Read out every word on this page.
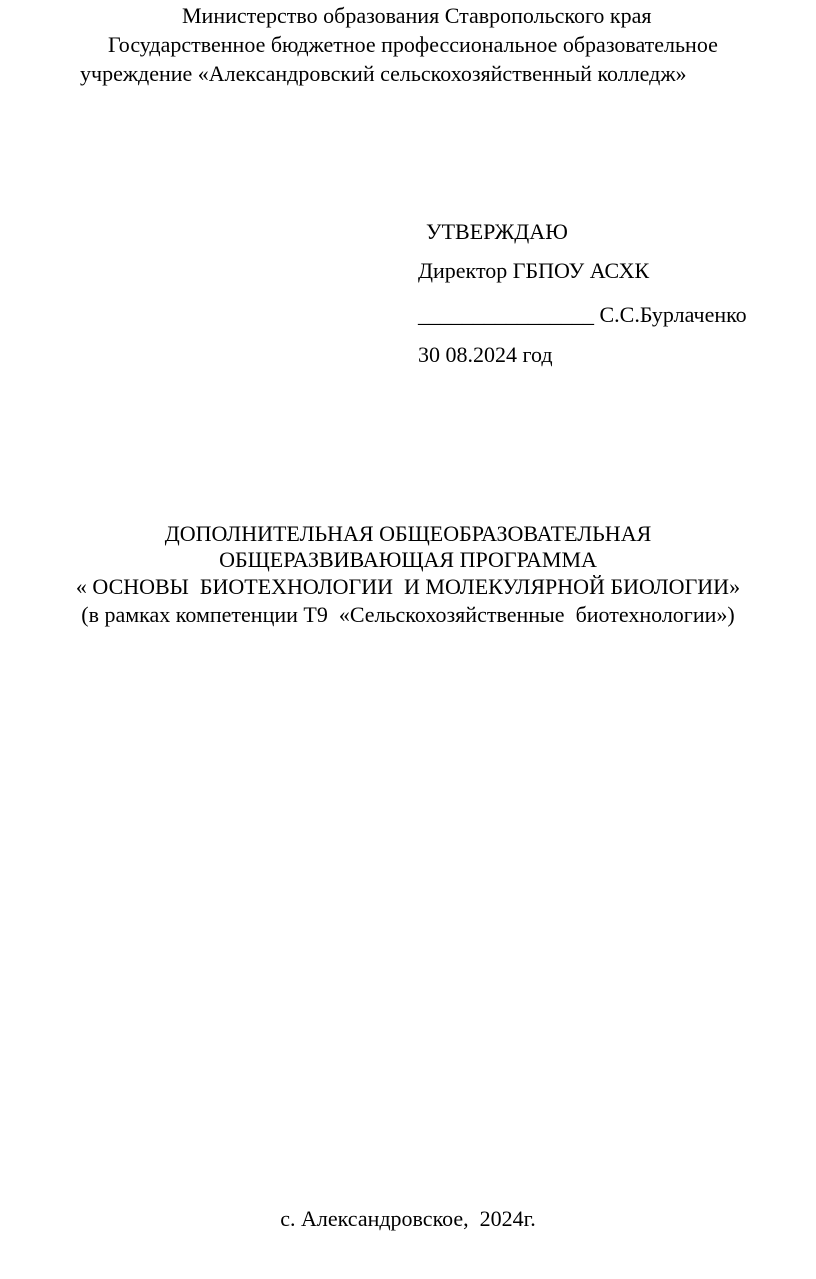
Министерство образования Ставропольского края
Государственное бюджетное профессиональное образовательное
учреждение «Александровский сельскохозяйственный колледж»
УТВЕРЖДАЮ
Директор ГБПОУ АСХК
________________ С.С.Бурлаченко
30 08.2024 год
ДОПОЛНИТЕЛЬНАЯ ОБЩЕОБРАЗОВАТЕЛЬНАЯ
ОБЩЕРАЗВИВАЮЩАЯ ПРОГРАММА
« ОСНОВЫ  БИОТЕХНОЛОГИИ  И МОЛЕКУЛЯРНОЙ БИОЛОГИИ»
(в рамках компетенции Т9  «Сельскохозяйственные  биотехнологии»)
с. Александровское,  2024г.
